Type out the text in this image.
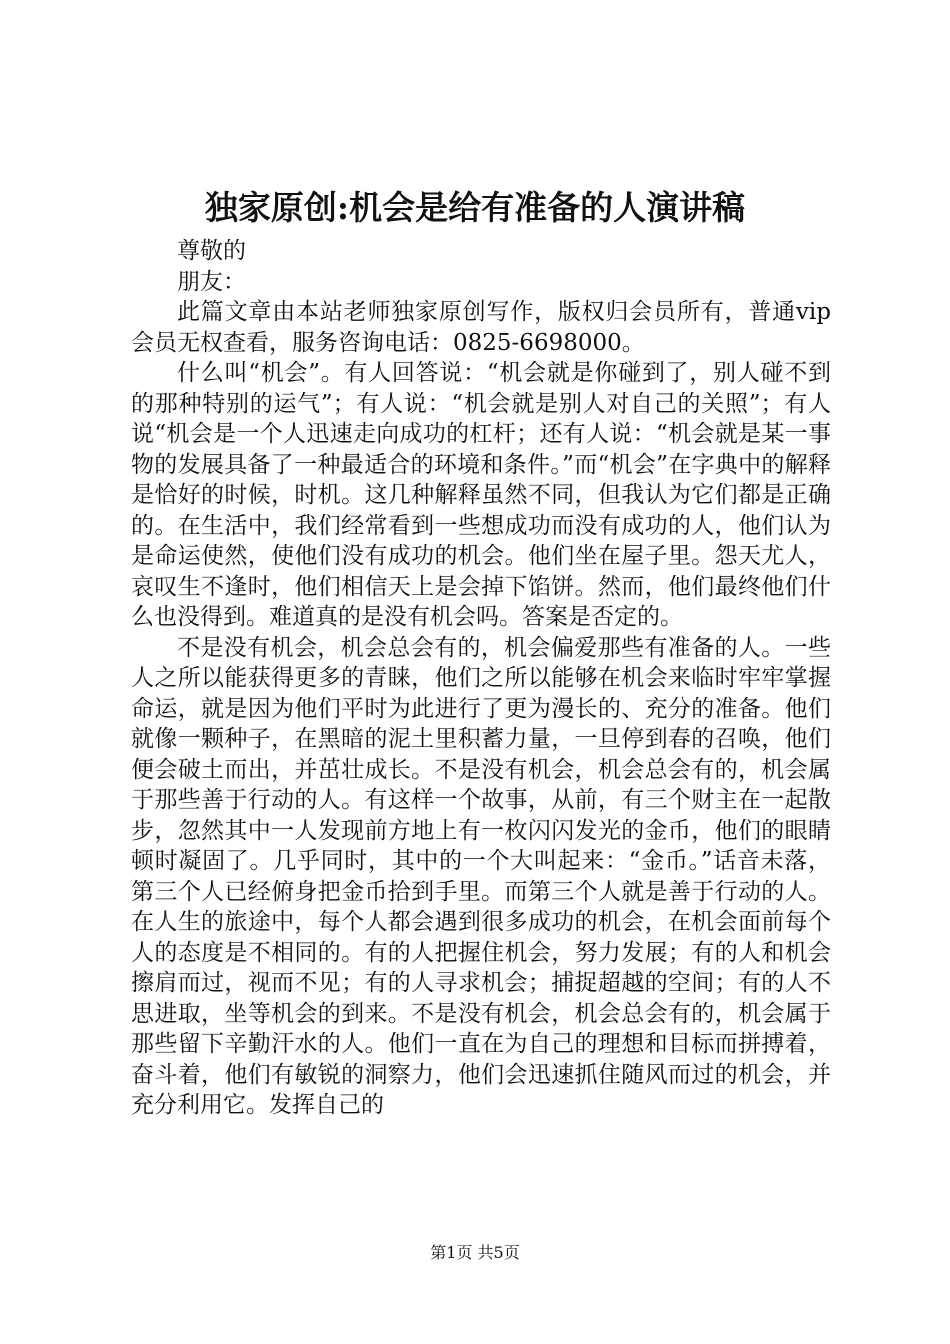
独家原创:机会是给有准备的人演讲稿

尊敬的

朋友：

此篇文章由本站老师独家原创写作，版权归会员所有，普通vip会员无权查看，服务咨询电话：0825-6698000。

什么叫“机会”。有人回答说：“机会就是你碰到了，别人碰不到的那种特别的运气”；有人说：“机会就是别人对自己的关照”；有人说“机会是一个人迅速走向成功的杠杆；还有人说：“机会就是某一事物的发展具备了一种最适合的环境和条件。”而“机会”在字典中的解释是恰好的时候，时机。这几种解释虽然不同，但我认为它们都是正确的。在生活中，我们经常看到一些想成功而没有成功的人，他们认为是命运使然，使他们没有成功的机会。他们坐在屋子里。怨天尤人，哀叹生不逢时，他们相信天上是会掉下馅饼。然而，他们最终他们什么也没得到。难道真的是没有机会吗。答案是否定的。

不是没有机会，机会总会有的，机会偏爱那些有准备的人。一些人之所以能获得更多的青睐，他们之所以能够在机会来临时牢牢掌握命运，就是因为他们平时为此进行了更为漫长的、充分的准备。他们就像一颗种子，在黑暗的泥土里积蓄力量，一旦停到春的召唤，他们便会破土而出，并茁壮成长。不是没有机会，机会总会有的，机会属于那些善于行动的人。有这样一个故事，从前，有三个财主在一起散步，忽然其中一人发现前方地上有一枚闪闪发光的金币，他们的眼睛顿时凝固了。几乎同时，其中的一个大叫起来：“金币。”话音未落，第三个人已经俯身把金币拾到手里。而第三个人就是善于行动的人。在人生的旅途中，每个人都会遇到很多成功的机会，在机会面前每个人的态度是不相同的。有的人把握住机会，努力发展；有的人和机会擦肩而过，视而不见；有的人寻求机会；捕捉超越的空间；有的人不思进取，坐等机会的到来。不是没有机会，机会总会有的，机会属于那些留下辛勤汗水的人。他们一直在为自己的理想和目标而拼搏着，奋斗着，他们有敏锐的洞察力，他们会迅速抓住随风而过的机会，并充分利用它。发挥自己的

第1页 共5页
